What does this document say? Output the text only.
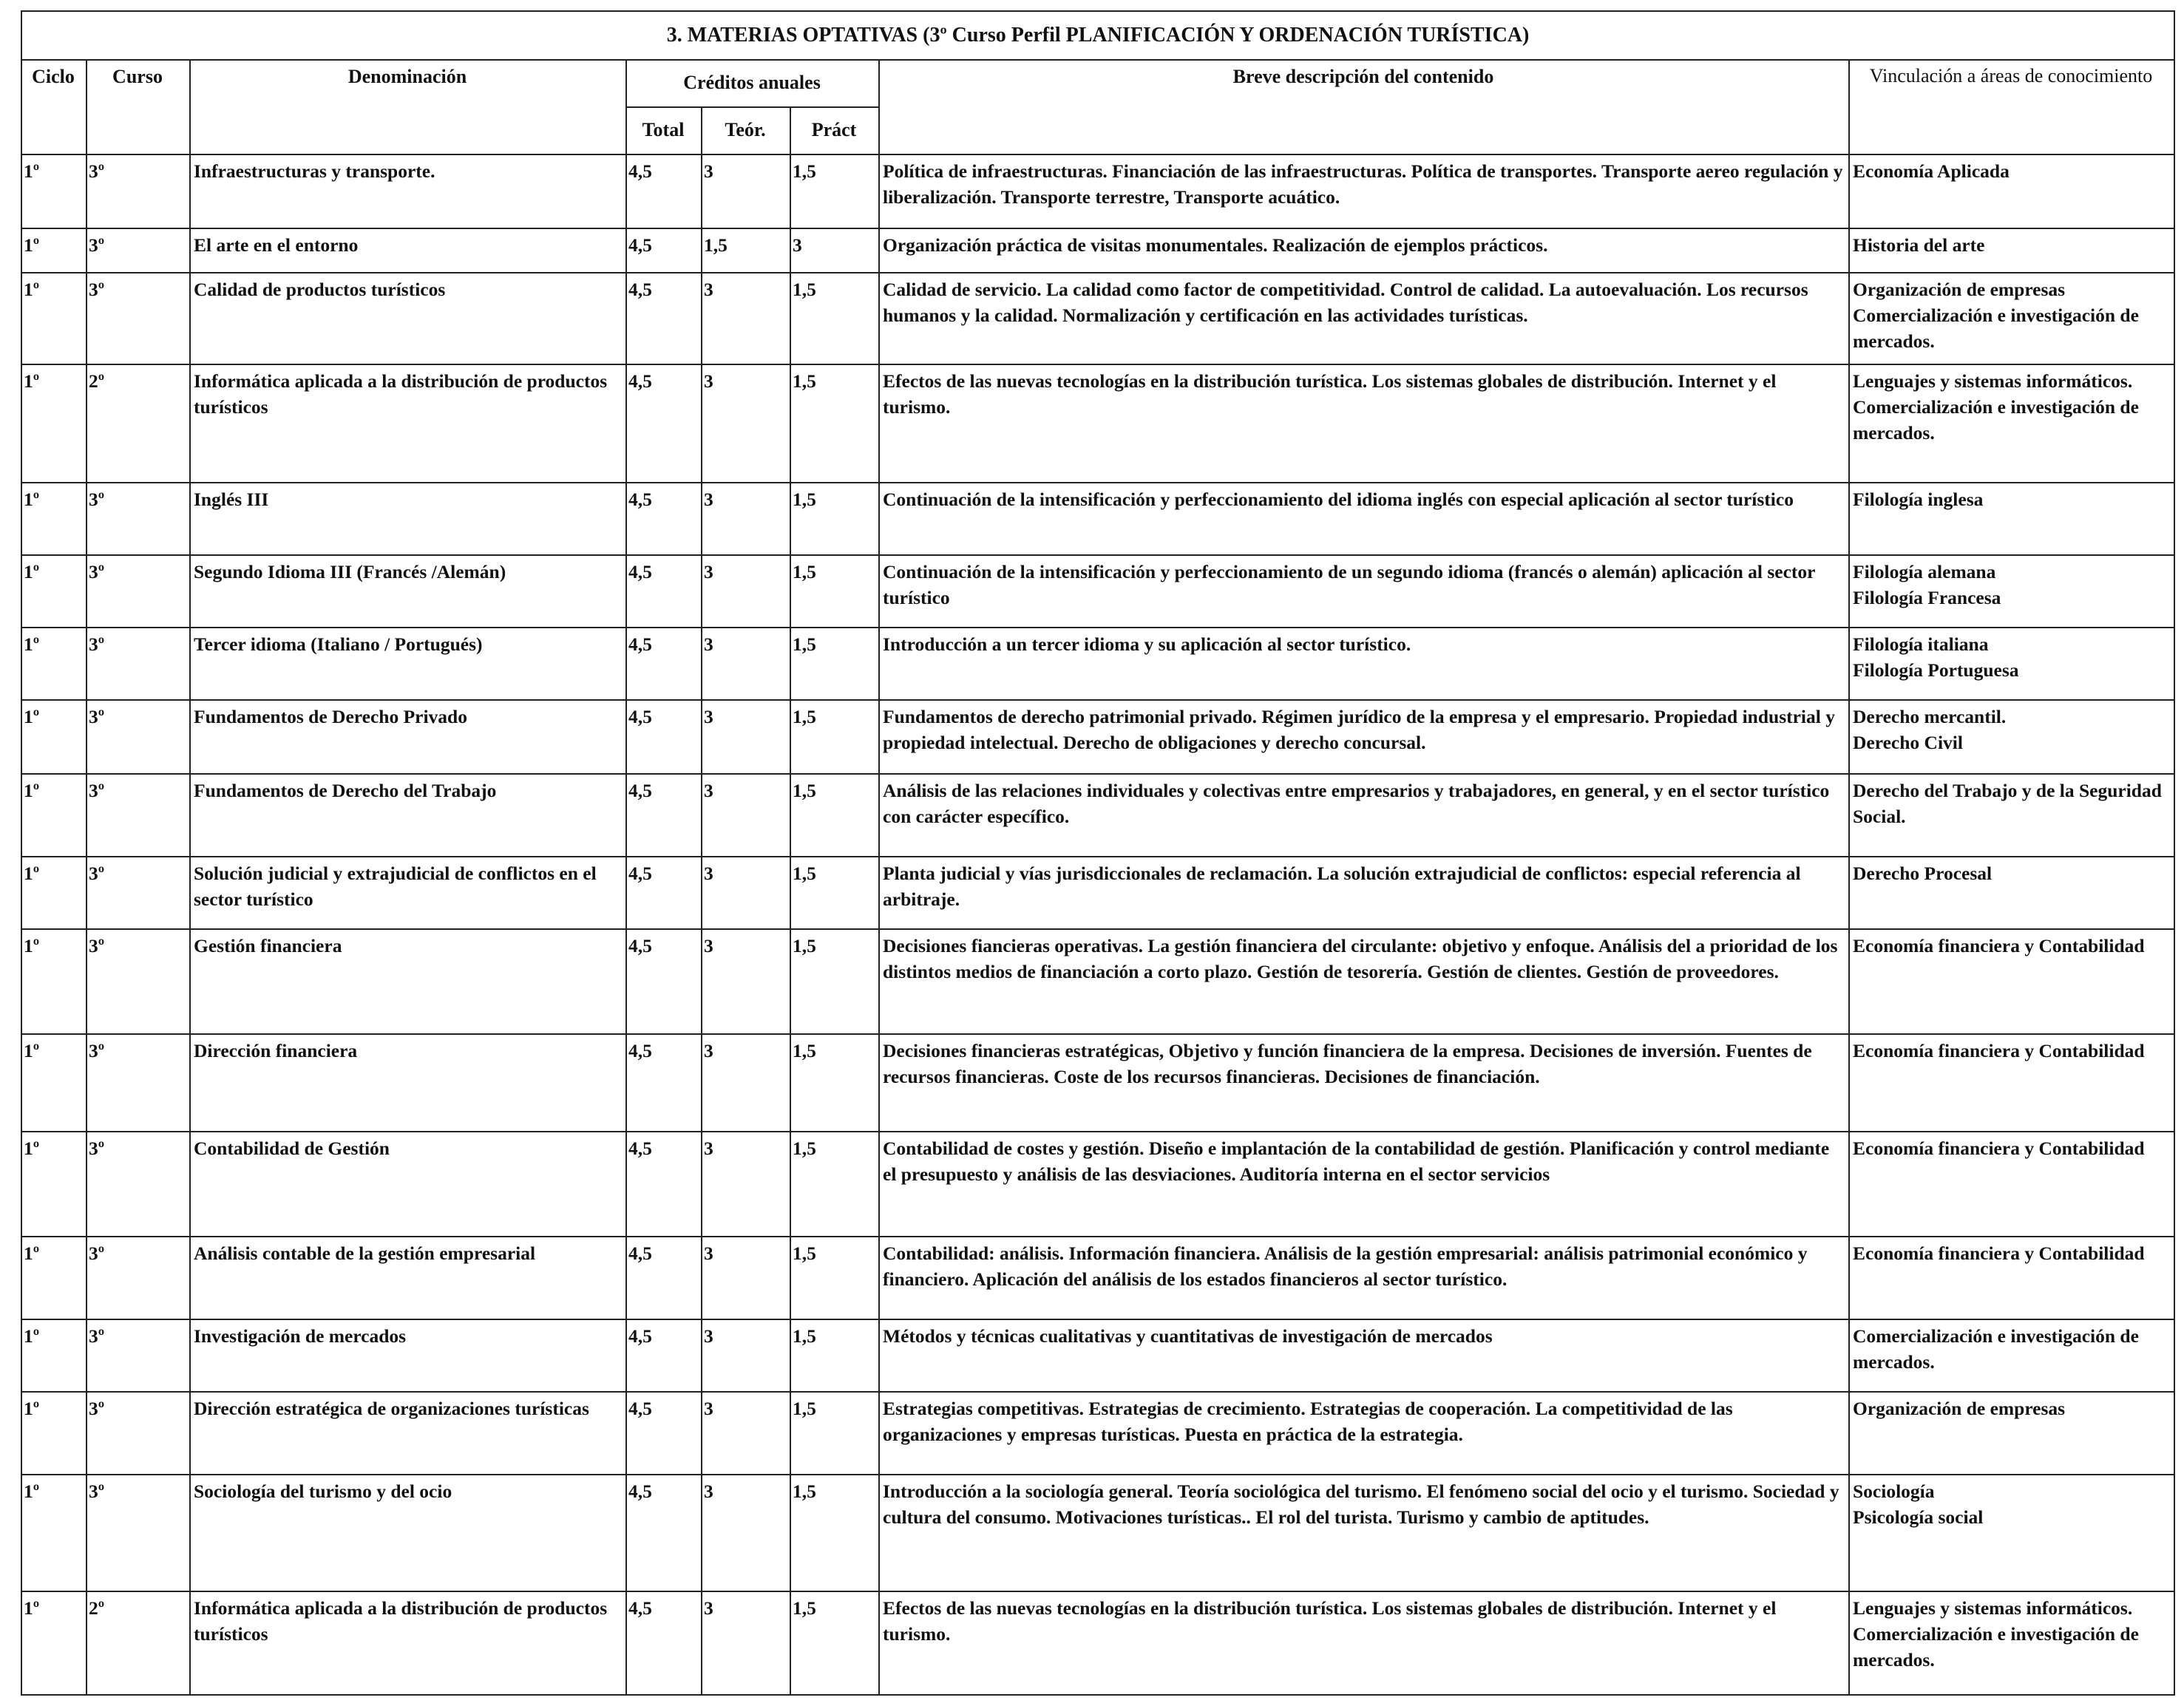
3. MATERIAS OPTATIVAS (3º Curso Perfil PLANIFICACIÓN Y ORDENACIÓN TURÍSTICA)							
Ciclo	Curso	Denominación	Créditos anuales			Breve descripción del contenido	Vinculación a áreas de conocimiento
			Total	Teór.	Práct		
1º	3º	Infraestructuras y transporte.	4,5	3	1,5	Política de infraestructuras. Financiación de las infraestructuras. Política de transportes. Transporte aereo regulación y liberalización. Transporte terrestre, Transporte acuático.	Economía Aplicada

1º	3º	El arte en el entorno	4,5	1,5	3	Organización práctica de visitas monumentales. Realización de ejemplos prácticos.	Historia del arte

1º	3º	Calidad de productos turísticos	4,5	3	1,5	Calidad de servicio. La calidad como factor de competitividad. Control de calidad. La autoevaluación. Los recursos humanos y la calidad. Normalización y certificación en las actividades turísticas.	Organización de empresas
Comercialización e investigación de mercados.

1º	2º	Informática aplicada a la distribución de productos turísticos	4,5	3	1,5	Efectos de las nuevas tecnologías en la distribución turística. Los sistemas globales de distribución. Internet y el turismo.	Lenguajes y sistemas informáticos.
Comercialización e investigación de mercados.

1º	3º	Inglés III	4,5	3	1,5	Continuación de la intensificación y perfeccionamiento del idioma inglés con especial aplicación al sector turístico	Filología inglesa

1º	3º	Segundo Idioma III (Francés /Alemán)	4,5	3	1,5	Continuación de la intensificación y perfeccionamiento de un segundo idioma (francés o alemán) aplicación al sector turístico	Filología alemana
Filología Francesa

1º	3º	Tercer idioma (Italiano / Portugués)	4,5	3	1,5	Introducción a un tercer idioma y su aplicación al sector turístico.	Filología italiana
Filología Portuguesa

1º	3º	Fundamentos de Derecho Privado	4,5	3	1,5	Fundamentos de derecho patrimonial privado. Régimen jurídico de la empresa y el empresario. Propiedad industrial y propiedad intelectual. Derecho de obligaciones y derecho concursal.	Derecho mercantil.
Derecho Civil

1º	3º	Fundamentos de Derecho del Trabajo	4,5	3	1,5	Análisis de las relaciones individuales y colectivas entre empresarios y trabajadores, en general, y en el sector turístico con carácter específico.	Derecho del Trabajo y de la Seguridad Social.

1º	3º	Solución judicial y extrajudicial de conflictos en el sector turístico	4,5	3	1,5	Planta judicial y vías jurisdiccionales de reclamación. La solución extrajudicial de conflictos: especial referencia al arbitraje.	Derecho Procesal

1º	3º	Gestión financiera	4,5	3	1,5	Decisiones fiancieras operativas. La gestión financiera del circulante: objetivo y enfoque. Análisis del a prioridad de los distintos medios de financiación a corto plazo. Gestión de tesorería. Gestión de clientes. Gestión de proveedores.	Economía financiera y Contabilidad

1º	3º	Dirección financiera	4,5	3	1,5	Decisiones financieras estratégicas, Objetivo y función financiera de la empresa. Decisiones de inversión. Fuentes de recursos financieras. Coste de los recursos financieras. Decisiones de financiación.	Economía financiera y Contabilidad

1º	3º	Contabilidad de Gestión	4,5	3	1,5	Contabilidad de costes y gestión. Diseño e implantación de la contabilidad de gestión. Planificación y control mediante el presupuesto y análisis de las desviaciones. Auditoría interna en el sector servicios	Economía financiera y Contabilidad

1º	3º	Análisis contable de la gestión empresarial	4,5	3	1,5	Contabilidad: análisis. Información financiera. Análisis de la gestión empresarial: análisis patrimonial económico y financiero. Aplicación del análisis de los estados financieros al sector turístico.	Economía financiera y Contabilidad

1º	3º	Investigación de mercados	4,5	3	1,5	Métodos y técnicas cualitativas y cuantitativas de investigación de mercados	Comercialización e investigación de mercados.

1º	3º	Dirección estratégica de organizaciones turísticas	4,5	3	1,5	Estrategias competitivas. Estrategias de crecimiento. Estrategias de cooperación. La competitividad de las organizaciones y empresas turísticas. Puesta en práctica de la estrategia.	Organización de empresas

1º	3º	Sociología del turismo y del ocio	4,5	3	1,5	Introducción a la sociología general. Teoría sociológica del turismo. El fenómeno social del ocio y el turismo. Sociedad y cultura del consumo. Motivaciones turísticas.. El rol del turista. Turismo y cambio de aptitudes.	Sociología
Psicología social

1º	2º	Informática aplicada a la distribución de productos turísticos	4,5	3	1,5	Efectos de las nuevas tecnologías en la distribución turística. Los sistemas globales de distribución. Internet y el turismo.	Lenguajes y sistemas informáticos.
Comercialización e investigación de mercados.
